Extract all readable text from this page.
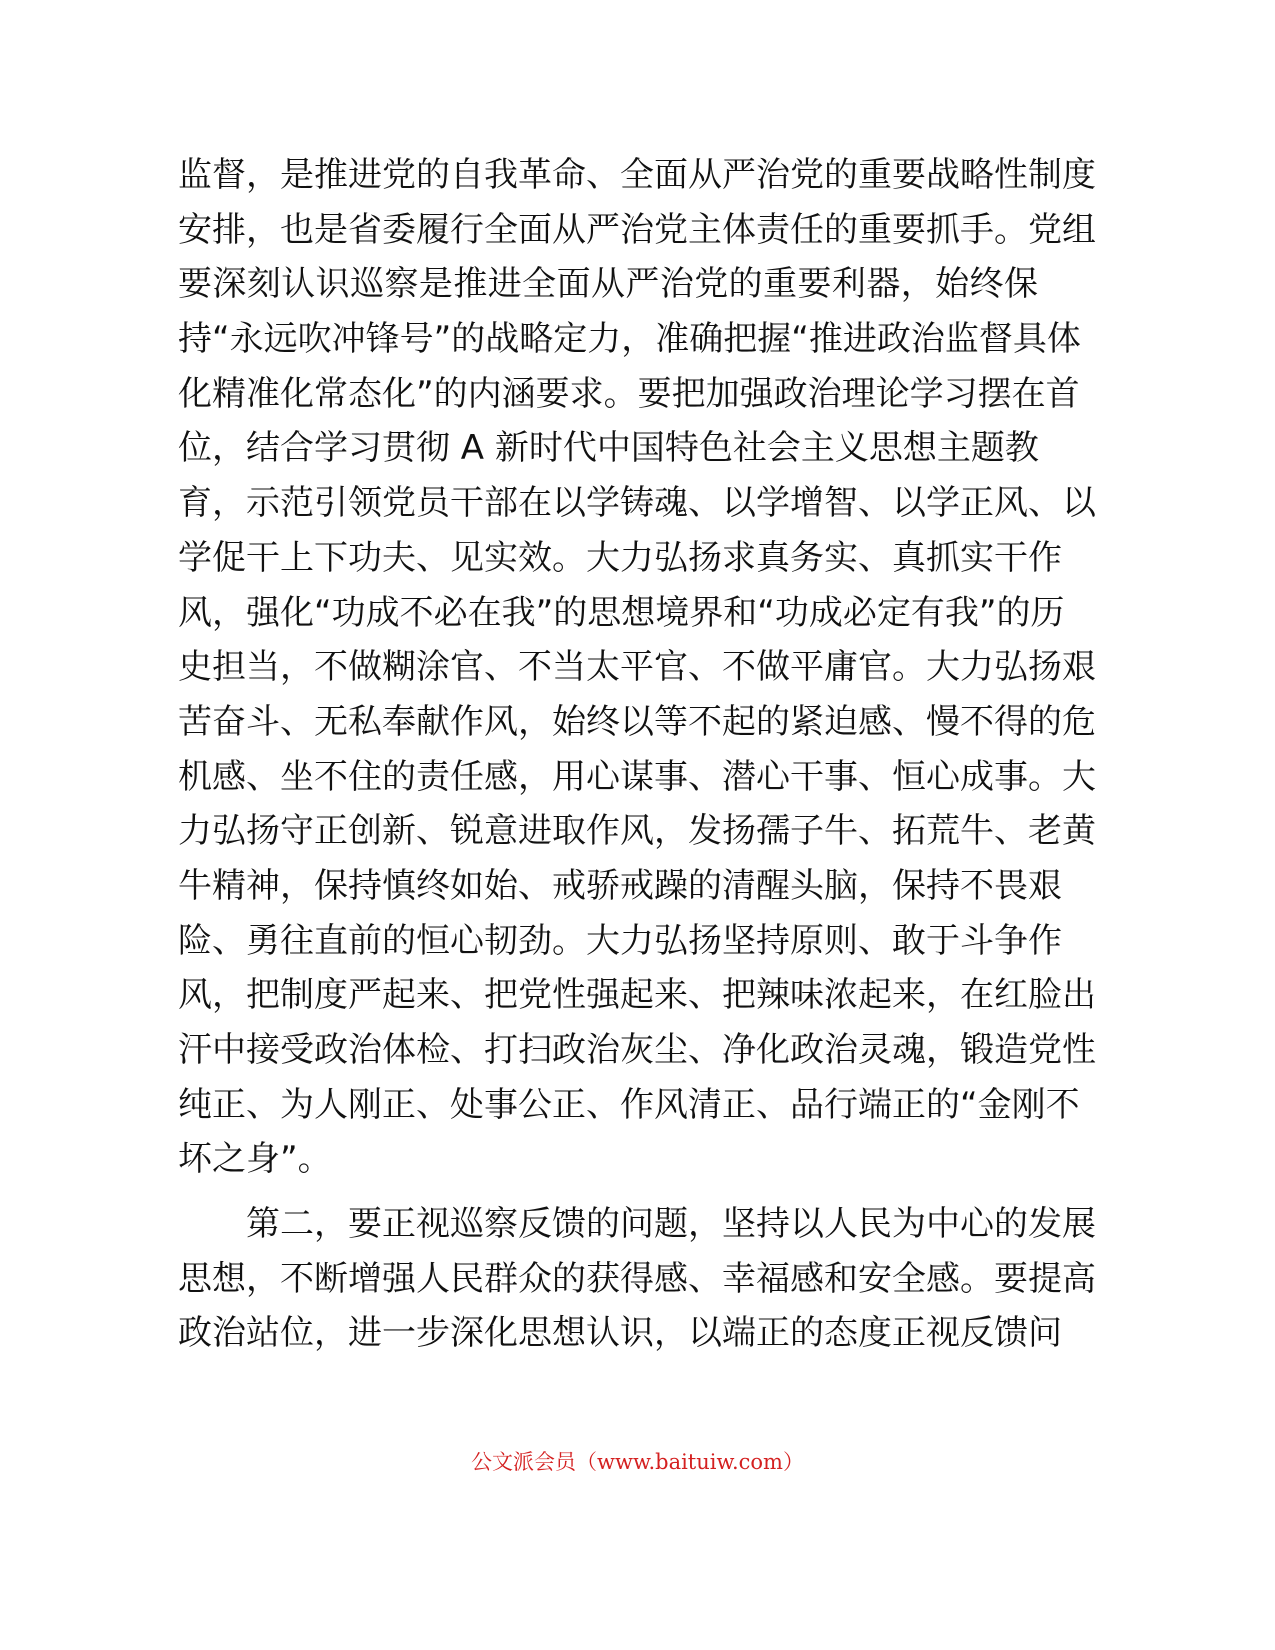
监督，是推进党的自我革命、全面从严治党的重要战略性制度
安排，也是省委履行全面从严治党主体责任的重要抓手。党组
要深刻认识巡察是推进全面从严治党的重要利器，始终保
持“永远吹冲锋号”的战略定力，准确把握“推进政治监督具体
化精准化常态化”的内涵要求。要把加强政治理论学习摆在首
位，结合学习贯彻 A 新时代中国特色社会主义思想主题教
育，示范引领党员干部在以学铸魂、以学增智、以学正风、以
学促干上下功夫、见实效。大力弘扬求真务实、真抓实干作
风，强化“功成不必在我”的思想境界和“功成必定有我”的历
史担当，不做糊涂官、不当太平官、不做平庸官。大力弘扬艰
苦奋斗、无私奉献作风，始终以等不起的紧迫感、慢不得的危
机感、坐不住的责任感，用心谋事、潜心干事、恒心成事。大
力弘扬守正创新、锐意进取作风，发扬孺子牛、拓荒牛、老黄
牛精神，保持慎终如始、戒骄戒躁的清醒头脑，保持不畏艰
险、勇往直前的恒心韧劲。大力弘扬坚持原则、敢于斗争作
风，把制度严起来、把党性强起来、把辣味浓起来，在红脸出
汗中接受政治体检、打扫政治灰尘、净化政治灵魂，锻造党性
纯正、为人刚正、处事公正、作风清正、品行端正的“金刚不
坏之身”。
第二，要正视巡察反馈的问题，坚持以人民为中心的发展
思想，不断增强人民群众的获得感、幸福感和安全感。要提高
政治站位，进一步深化思想认识，以端正的态度正视反馈问
公文派会员（www.baituiw.com）
